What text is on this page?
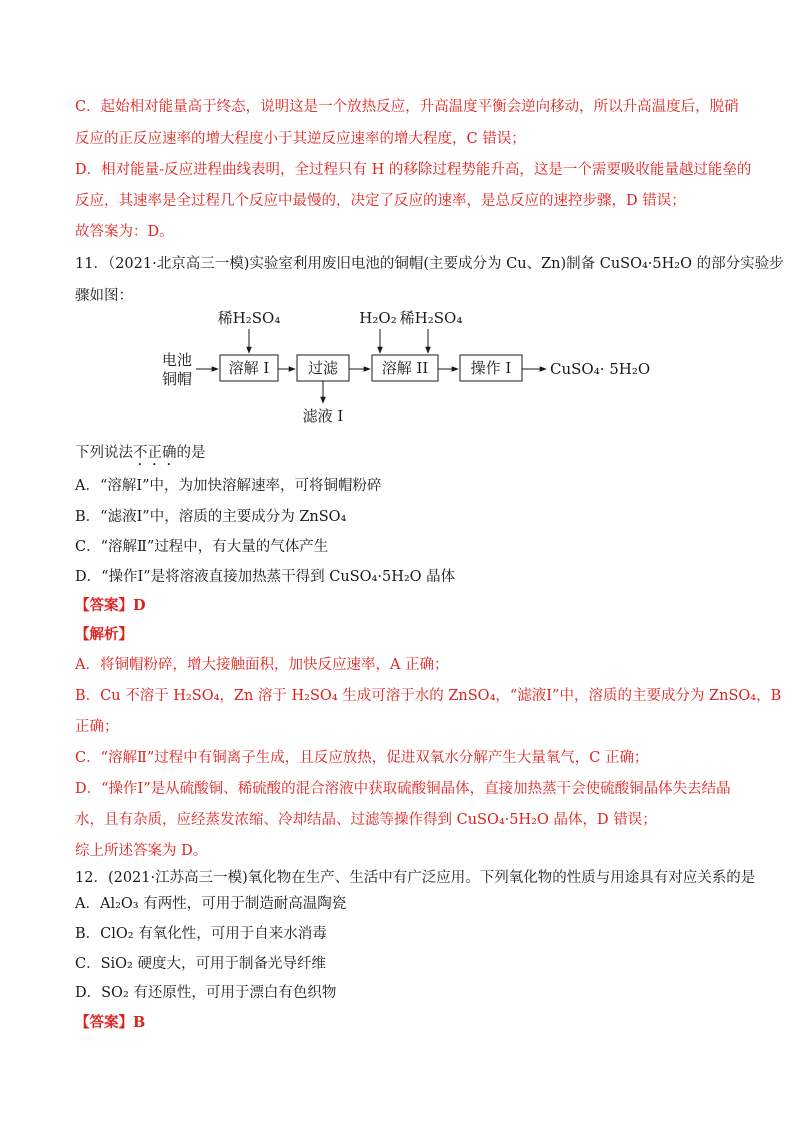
C．起始相对能量高于终态，说明这是一个放热反应，升高温度平衡会逆向移动，所以升高温度后，脱硝
反应的正反应速率的增大程度小于其逆反应速率的增大程度，C 错误；
D．相对能量-反应进程曲线表明，全过程只有 H 的移除过程势能升高，这是一个需要吸收能量越过能垒的
反应，其速率是全过程几个反应中最慢的，决定了反应的速率，是总反应的速控步骤，D 错误；
故答案为：D。
11．（2021·北京高三一模)实验室利用废旧电池的铜帽(主要成分为 Cu、Zn)制备 CuSO₄·5H₂O 的部分实验步
骤如图：
电池
铜帽
溶解 I
稀H₂SO₄
过滤
滤液 I
溶解 II
H₂O₂ 稀H₂SO₄
操作 I	CuSO₄· 5H₂O
下列说法不正确的是
A．“溶解Ⅰ”中，为加快溶解速率，可将铜帽粉碎
B．“滤液Ⅰ”中，溶质的主要成分为 ZnSO₄
C．“溶解Ⅱ”过程中，有大量的气体产生
D．“操作Ⅰ”是将溶液直接加热蒸干得到 CuSO₄·5H₂O 晶体
【答案】D
【解析】
A．将铜帽粉碎，增大接触面积，加快反应速率，A 正确；
B．Cu 不溶于 H₂SO₄，Zn 溶于 H₂SO₄ 生成可溶于水的 ZnSO₄，“滤液Ⅰ”中，溶质的主要成分为 ZnSO₄，B
正确；
C．“溶解Ⅱ”过程中有铜离子生成，且反应放热，促进双氧水分解产生大量氧气，C 正确；
D．“操作Ⅰ”是从硫酸铜、稀硫酸的混合溶液中获取硫酸铜晶体，直接加热蒸干会使硫酸铜晶体失去结晶
水，且有杂质，应经蒸发浓缩、冷却结晶、过滤等操作得到 CuSO₄·5H₂O 晶体，D 错误；
综上所述答案为 D。
12．(2021·江苏高三一模)氧化物在生产、生活中有广泛应用。下列氧化物的性质与用途具有对应关系的是
A．Al₂O₃ 有两性，可用于制造耐高温陶瓷
B．ClO₂ 有氧化性，可用于自来水消毒
C．SiO₂ 硬度大，可用于制备光导纤维
D．SO₂ 有还原性，可用于漂白有色织物
【答案】B
